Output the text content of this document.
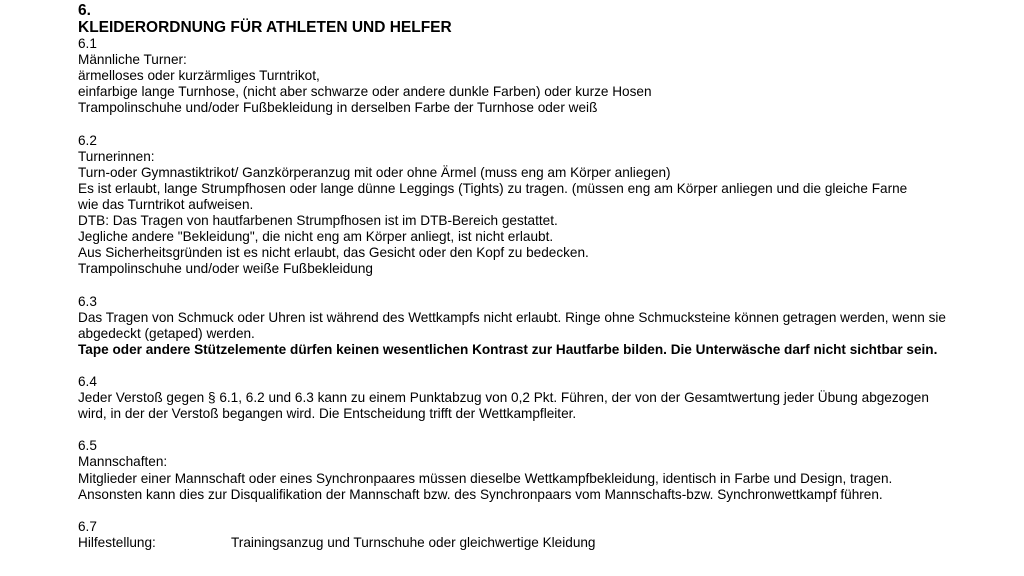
6.
KLEIDERORDNUNG FÜR ATHLETEN UND HELFER
6.1
Männliche Turner:
ärmelloses oder kurzärmliges Turntrikot,
einfarbige lange Turnhose, (nicht aber schwarze oder andere dunkle Farben) oder kurze Hosen
Trampolinschuhe und/oder Fußbekleidung in derselben Farbe der Turnhose oder weiß
6.2
Turnerinnen:
Turn-oder Gymnastiktrikot/ Ganzkörperanzug mit oder ohne Ärmel (muss eng am Körper anliegen)
Es ist erlaubt, lange Strumpfhosen oder lange dünne Leggings (Tights) zu tragen. (müssen eng am Körper anliegen und die gleiche Farne wie das Turntrikot aufweisen.
DTB: Das Tragen von hautfarbenen Strumpfhosen ist im DTB-Bereich gestattet.
Jegliche andere "Bekleidung", die nicht eng am Körper anliegt, ist nicht erlaubt.
Aus Sicherheitsgründen ist es nicht erlaubt, das Gesicht oder den Kopf zu bedecken.
Trampolinschuhe und/oder weiße Fußbekleidung
6.3
Das Tragen von Schmuck oder Uhren ist während des Wettkampfs nicht erlaubt. Ringe ohne Schmucksteine können getragen werden, wenn sie abgedeckt (getaped) werden.
Tape oder andere Stützelemente dürfen keinen wesentlichen Kontrast zur Hautfarbe bilden. Die Unterwäsche darf nicht sichtbar sein.
6.4
Jeder Verstoß gegen § 6.1, 6.2 und 6.3 kann zu einem Punktabzug von 0,2 Pkt. Führen, der von der Gesamtwertung jeder Übung abgezogen wird, in der der Verstoß begangen wird. Die Entscheidung trifft der Wettkampfleiter.
6.5
Mannschaften:
Mitglieder einer Mannschaft oder eines Synchronpaares müssen dieselbe Wettkampfbekleidung, identisch in Farbe und Design, tragen.
Ansonsten kann dies zur Disqualifikation der Mannschaft bzw. des Synchronpaars vom Mannschafts-bzw. Synchronwettkampf führen.
6.7
Hilfestellung:	Trainingsanzug und Turnschuhe oder gleichwertige Kleidung
